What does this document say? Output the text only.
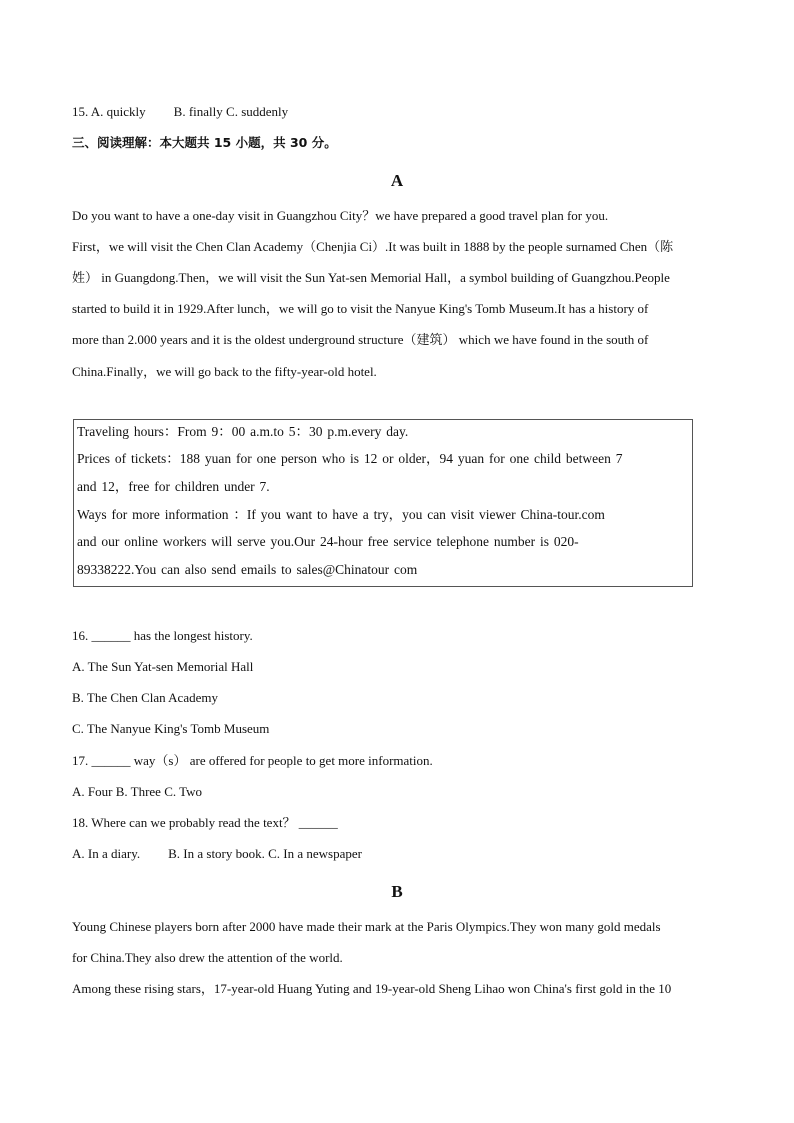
15. A. quickly B. finally C. suddenly
三、阅读理解：本大题共 15 小题，共 30 分。
A
Do you want to have a one-day visit in Guangzhou City？we have prepared a good travel plan for you.
First，we will visit the Chen Clan Academy（Chenjia Ci）.It was built in 1888 by the people surnamed Chen（陈
姓） in Guangdong.Then，we will visit the Sun Yat-sen Memorial Hall，a symbol building of Guangzhou.People
started to build it in 1929.After lunch，we will go to visit the Nanyue King's Tomb Museum.It has a history of
more than 2.000 years and it is the oldest underground structure（建筑） which we have found in the south of
China.Finally，we will go back to the fifty-year-old hotel.
Traveling hours：From 9：00 a.m.to 5：30 p.m.every day.
Prices of tickets：188 yuan for one person who is 12 or older，94 yuan for one child between 7
and 12，free for children under 7.
Ways for more information ：If you want to have a try，you can visit viewer China-tour.com
and our online workers will serve you.Our 24-hour free service telephone number is 020-
89338222.You can also send emails to sales@Chinatour com
16. ______ has the longest history.
A. The Sun Yat-sen Memorial Hall
B. The Chen Clan Academy
C. The Nanyue King's Tomb Museum
17. ______ way（s） are offered for people to get more information.
A. Four B. Three C. Two
18. Where can we probably read the text？ ______
A. In a diary. B. In a story book. C. In a newspaper
B
Young Chinese players born after 2000 have made their mark at the Paris Olympics.They won many gold medals
for China.They also drew the attention of the world.
Among these rising stars，17-year-old Huang Yuting and 19-year-old Sheng Lihao won China's first gold in the 10
